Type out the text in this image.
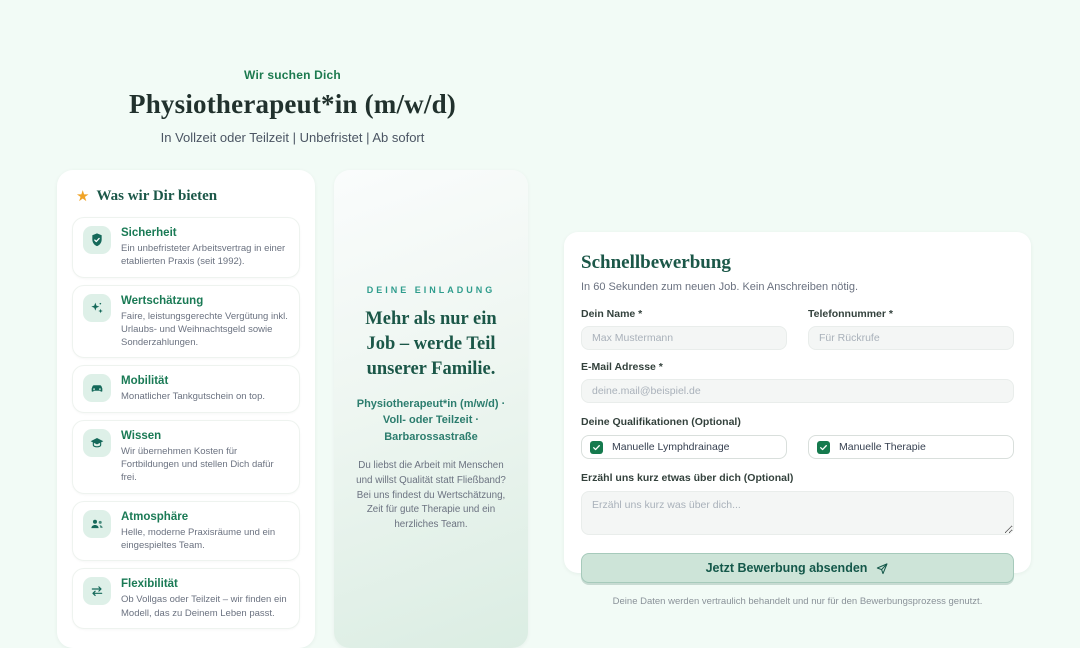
Wir suchen Dich
Physiotherapeut*in (m/w/d)
In Vollzeit oder Teilzeit | Unbefristet | Ab sofort
★ Was wir Dir bieten
Sicherheit
Ein unbefristeter Arbeitsvertrag in einer etablierten Praxis (seit 1992).
Wertschätzung
Faire, leistungsgerechte Vergütung inkl. Urlaubs- und Weihnachtsgeld sowie Sonderzahlungen.
Mobilität
Monatlicher Tankgutschein on top.
Wissen
Wir übernehmen Kosten für Fortbildungen und stellen Dich dafür frei.
Atmosphäre
Helle, moderne Praxisräume und ein eingespieltes Team.
Flexibilität
Ob Vollgas oder Teilzeit – wir finden ein Modell, das zu Deinem Leben passt.
DEINE EINLADUNG
Mehr als nur ein Job – werde Teil unserer Familie.
Physiotherapeut*in (m/w/d) · Voll- oder Teilzeit · Barbarossastraße
Du liebst die Arbeit mit Menschen und willst Qualität statt Fließband? Bei uns findest du Wertschätzung, Zeit für gute Therapie und ein herzliches Team.
Schnellbewerbung
In 60 Sekunden zum neuen Job. Kein Anschreiben nötig.
Dein Name *
Max Mustermann	Telefonnummer *
Für Rückrufe
E-Mail Adresse *
deine.mail@beispiel.de
Deine Qualifikationen (Optional)
Manuelle Lymphdrainage	Manuelle Therapie
Erzähl uns kurz etwas über dich (Optional)
Erzähl uns kurz was über dich...
Jetzt Bewerbung absenden
Deine Daten werden vertraulich behandelt und nur für den Bewerbungsprozess genutzt.
